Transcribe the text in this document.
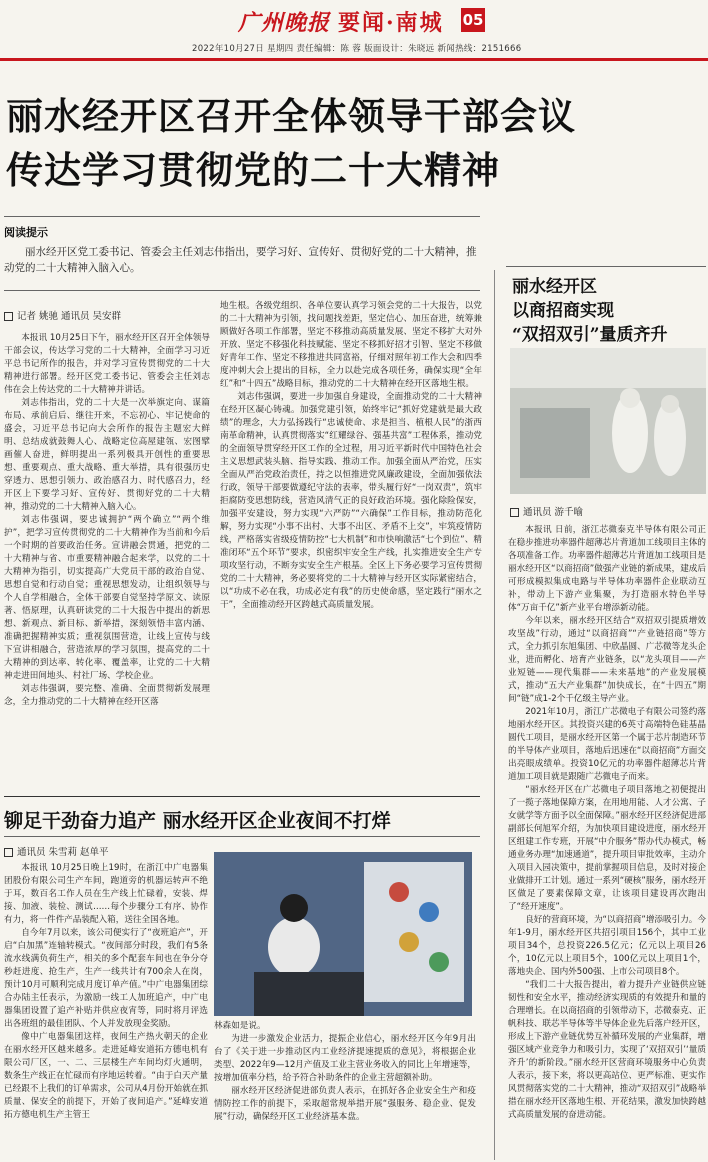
广州晚报 要闻·南城 05
2022年10月27日 星期四 责任编辑：陈 蓉 版面设计：朱晓远 新闻热线：2151666
丽水经开区召开全体领导干部会议
传达学习贯彻党的二十大精神
阅读提示
丽水经开区党工委书记、管委会主任刘志伟指出，要学习好、宣传好、贯彻好党的二十大精神，推动党的二十大精神入脑入心。
记者 姚驰 通讯员 吴安群

本报讯 10月25日下午，丽水经开区召开全体领导干部会议，传达学习党的二十大精神，全面学习习近平总书记所作的报告，并对学习宣传贯彻党的二十大精神进行部署。经开区党工委书记、管委会主任刘志伟在会上传达党的二十大精神并讲话。

刘志伟指出，党的二十大是一次举旗定向、谋篇布局、承前启后、继往开来，不忘初心、牢记使命的盛会，习近平总书记向大会所作的报告主题宏大鲜明、总结成就鼓舞人心、战略定位高屋建瓴、宏图擘画催人奋进，鲜明提出一系列极具开创性的重要思想、重要观点、重大战略、重大举措，具有很强历史穿透力、思想引领力、政治感召力、时代感召力，经开区上下要学习好、宣传好、贯彻好党的二十大精神，推动党的二十大精神入脑入心。

刘志伟强调，要忠诚拥护“两个确立”“两个维护”，把学习宣传贯彻党的二十大精神作为当前和今后一个时期的首要政治任务。宣讲融会贯通，把党的二十大精神与省、市重要精神融合起来学，以党的二十大精神为指引，切实提高广大党员干部的政治自觉、思想自觉和行动自觉；重视思想发动，让组织领导与个人自学相融合，全体干部要自觉坚持学原文、读原著、悟原理，认真研读党的二十大报告中提出的新思想、新观点、新目标、新举措，深刻领悟丰富内涵、准确把握精神实质；重视氛围营造，让线上宣传与线下宣讲相融合，营造浓厚的学习氛围，提高党的二十大精神的到达率、转化率、覆盖率，让党的二十大精神走进田间地头、村社厂场、学校企业。

刘志伟强调，要完整、准确、全面贯彻新发展理念，全力推动党的二十大精神在经开区落

地生根。各级党组织、各单位要认真学习领会党的二十大报告，以党的二十大精神为引领，找问题找差距，坚定信心、加压奋进，统筹兼顾做好各项工作部署，坚定不移推动高质量发展、坚定不移扩大对外开放、坚定不移强化科技赋能、坚定不移抓好招才引智、坚定不移做好青年工作、坚定不移推进共同富裕，仔细对照年初工作大会和四季度冲刺大会上提出的目标，全力以赴完成各项任务，确保实现“全年红”和“十四五”战略目标，推动党的二十大精神在经开区落地生根。

刘志伟强调，要进一步加强自身建设，全面推动党的二十大精神在经开区凝心铸魂。加强党建引领，始终牢记“抓好党建就是最大政绩”的理念，大力弘扬践行“忠诚使命、求是担当、植根人民”的浙西南革命精神，认真贯彻落实“红耀绿谷、强基共富”工程体系，推动党的全面领导贯穿经开区工作的全过程，用习近平新时代中国特色社会主义思想武装头脑、指导实践、推动工作。加强全面从严治党，压实全面从严治党政治责任，持之以恒推进党风廉政建设，全面加强依法行政，领导干部要做遵纪守法的表率，带头履行好“一岗双责”，筑牢拒腐防变思想防线，营造风清气正的良好政治环境。强化除险保安，加强平安建设，努力实现“六严防”“六确保”工作目标，推动防范化解，努力实现“小事不出村、大事不出区、矛盾不上交”，牢筑疫情防线，严格落实省级疫情防控“七大机制”和市快响激活“七个到位”、精准闭环“五个环节”要求，织密织牢安全生产线，扎实推进安全生产专项攻坚行动，不断夯实安全生产根基。全区上下务必要学习宣传贯彻党的二十大精神，务必要将党的二十大精神与经开区实际紧密结合，以“功成不必在我，功成必定有我”的历史使命感，坚定践行“丽水之干”，全面推动经开区跨越式高质量发展。

铆足干劲奋力追产 丽水经开区企业夜间不打烊
通讯员 朱雪莉 赵单平

本报讯 10月25日晚上19时，在浙江中广电器集团股份有限公司生产车间，跑道旁的机器运转声不绝于耳，数百名工作人员在生产线上忙碌着，安装、焊接、加液、装检、测试……每个步骤分工有序、协作有力，将一件件产品装配入箱，送往全国各地。

自今年7月以来，该公司便实行了“夜班追产”，开启“白加黑”连轴转模式。“夜间部分时段，我们有5条流水线满负荷生产，相关的多个配套车间也在争分夺秒赶进度、抢生产，生产一线共计有700余人在岗，预计10月可顺利完成月度订单产值。”中广电器集团综合办陆主任表示，为激励一线工人加班追产，中广电器集团设置了追产补贴并供应夜宵等，同时将月评选出各班组的最佳团队、个人并发放现金奖励。

像中广电器集团这样，夜间生产热火朝天的企业在丽水经开区越来越多。走进延峰安道拓方德电机有限公司厂区，一、二、三层楼生产车间均灯火通明，数条生产线正在忙碌而有序地运转着。“由于白天产量已经跟不上我们的订单需求，公司从4月份开始就在抓质量、保安全的前提下，开始了夜间追产。”延峰安道拓方德电机生产主管王

林森如是说。

为进一步激发企业活力，提振企业信心，丽水经开区今年9月出台了《关于进一步推动区内工业经济提速提质的意见》，将根据企业类型、2022年9—12月产值及工业主营业务收入的同比上年增速等，按增加值率分档，给予符合补助条件的企业主营超额补助。

丽水经开区经济促进部负责人表示，在抓好各企业安全生产和疫情防控工作的前提下，采取超常规举措开展“强服务、稳企业、促发展”行动，确保经开区工业经济基本盘。

丽水经开区
以商招商实现
“双招双引”量质齐升
通讯员 游千喻

本报讯 日前，浙江芯微泰克半导体有限公司正在稳步推进功率器件超薄芯片背道加工线项目主体的各项准备工作。功率器件超薄芯片背道加工线项目是丽水经开区“以商招商”做强产业链的新成果，建成后可形成模拟集成电路与半导体功率器件企业联动互补，带动上下游产业集聚，为打造丽水特色半导体“万亩千亿”新产业平台增添新动能。

今年以来，丽水经开区结合“双招双引提质增效攻坚战”行动，通过“以商招商”“产业链招商”等方式，全力抓引东旭集团、中欣晶圆、广芯微等龙头企业，进而孵化、培育产业链条，以“龙头项目——产业短链——现代集群——未来基地”的产业发展模式，推动“五大产业集群”加快成长，在“十四五”期间“链”成1-2个千亿级主导产业。

2021年10月，浙江广芯微电子有限公司签约落地丽水经开区。其投资兴建的6英寸高端特色硅基晶圆代工项目，是丽水经开区第一个属于芯片制造环节的半导体产业项目，落地后迅速在“以商招商”方面交出亮眼成绩单。投资10亿元的功率器件超薄芯片背道加工项目就是跟随广芯微电子而来。

“丽水经开区在广芯微电子项目落地之初便提出了一揽子落地保障方案，在用地用能、人才公寓、子女就学等方面予以全面保障。”丽水经开区经济促进部副部长何旭军介绍，为加快项目建设进度，丽水经开区组建工作专班，开展“中介服务”帮办代办模式，畅通业务办理“加速通道”，提升项目审批效率，主动介入项目入园决策中，提前掌握项目信息，及时对接企业做排开工计划。通过一系列“硬核”服务，丽水经开区做足了要素保障文章，让该项目建设再次跑出了“经开速度”。

良好的营商环境，为“以商招商”增添吸引力。今年1-9月，丽水经开区共招引项目156个，其中工业项目34个，总投资226.5亿元；亿元以上项目26个，10亿元以上项目5个，100亿元以上项目1个，落地央企、国内外500强、上市公司项目8个。

“我们二十大报告提出，着力提升产业链供应链韧性和安全水平，推动经济实现质的有效提升和量的合理增长。在以商招商的引领带动下，芯微泰克、正帆科技、联芯半导体等半导体企业先后落户经开区，形成上下游产业链优势互补循环发展的产业集群，增强区域产业竞争力和吸引力，实现了‘双招双引’‘量质齐升’的新阶段。”丽水经开区营商环境服务中心负责人表示，接下来，将以更高站位、更严标准、更实作风贯彻落实党的二十大精神，推动“双招双引”战略举措在丽水经开区落地生根、开花结果，激发加快跨越式高质量发展的奋进动能。
